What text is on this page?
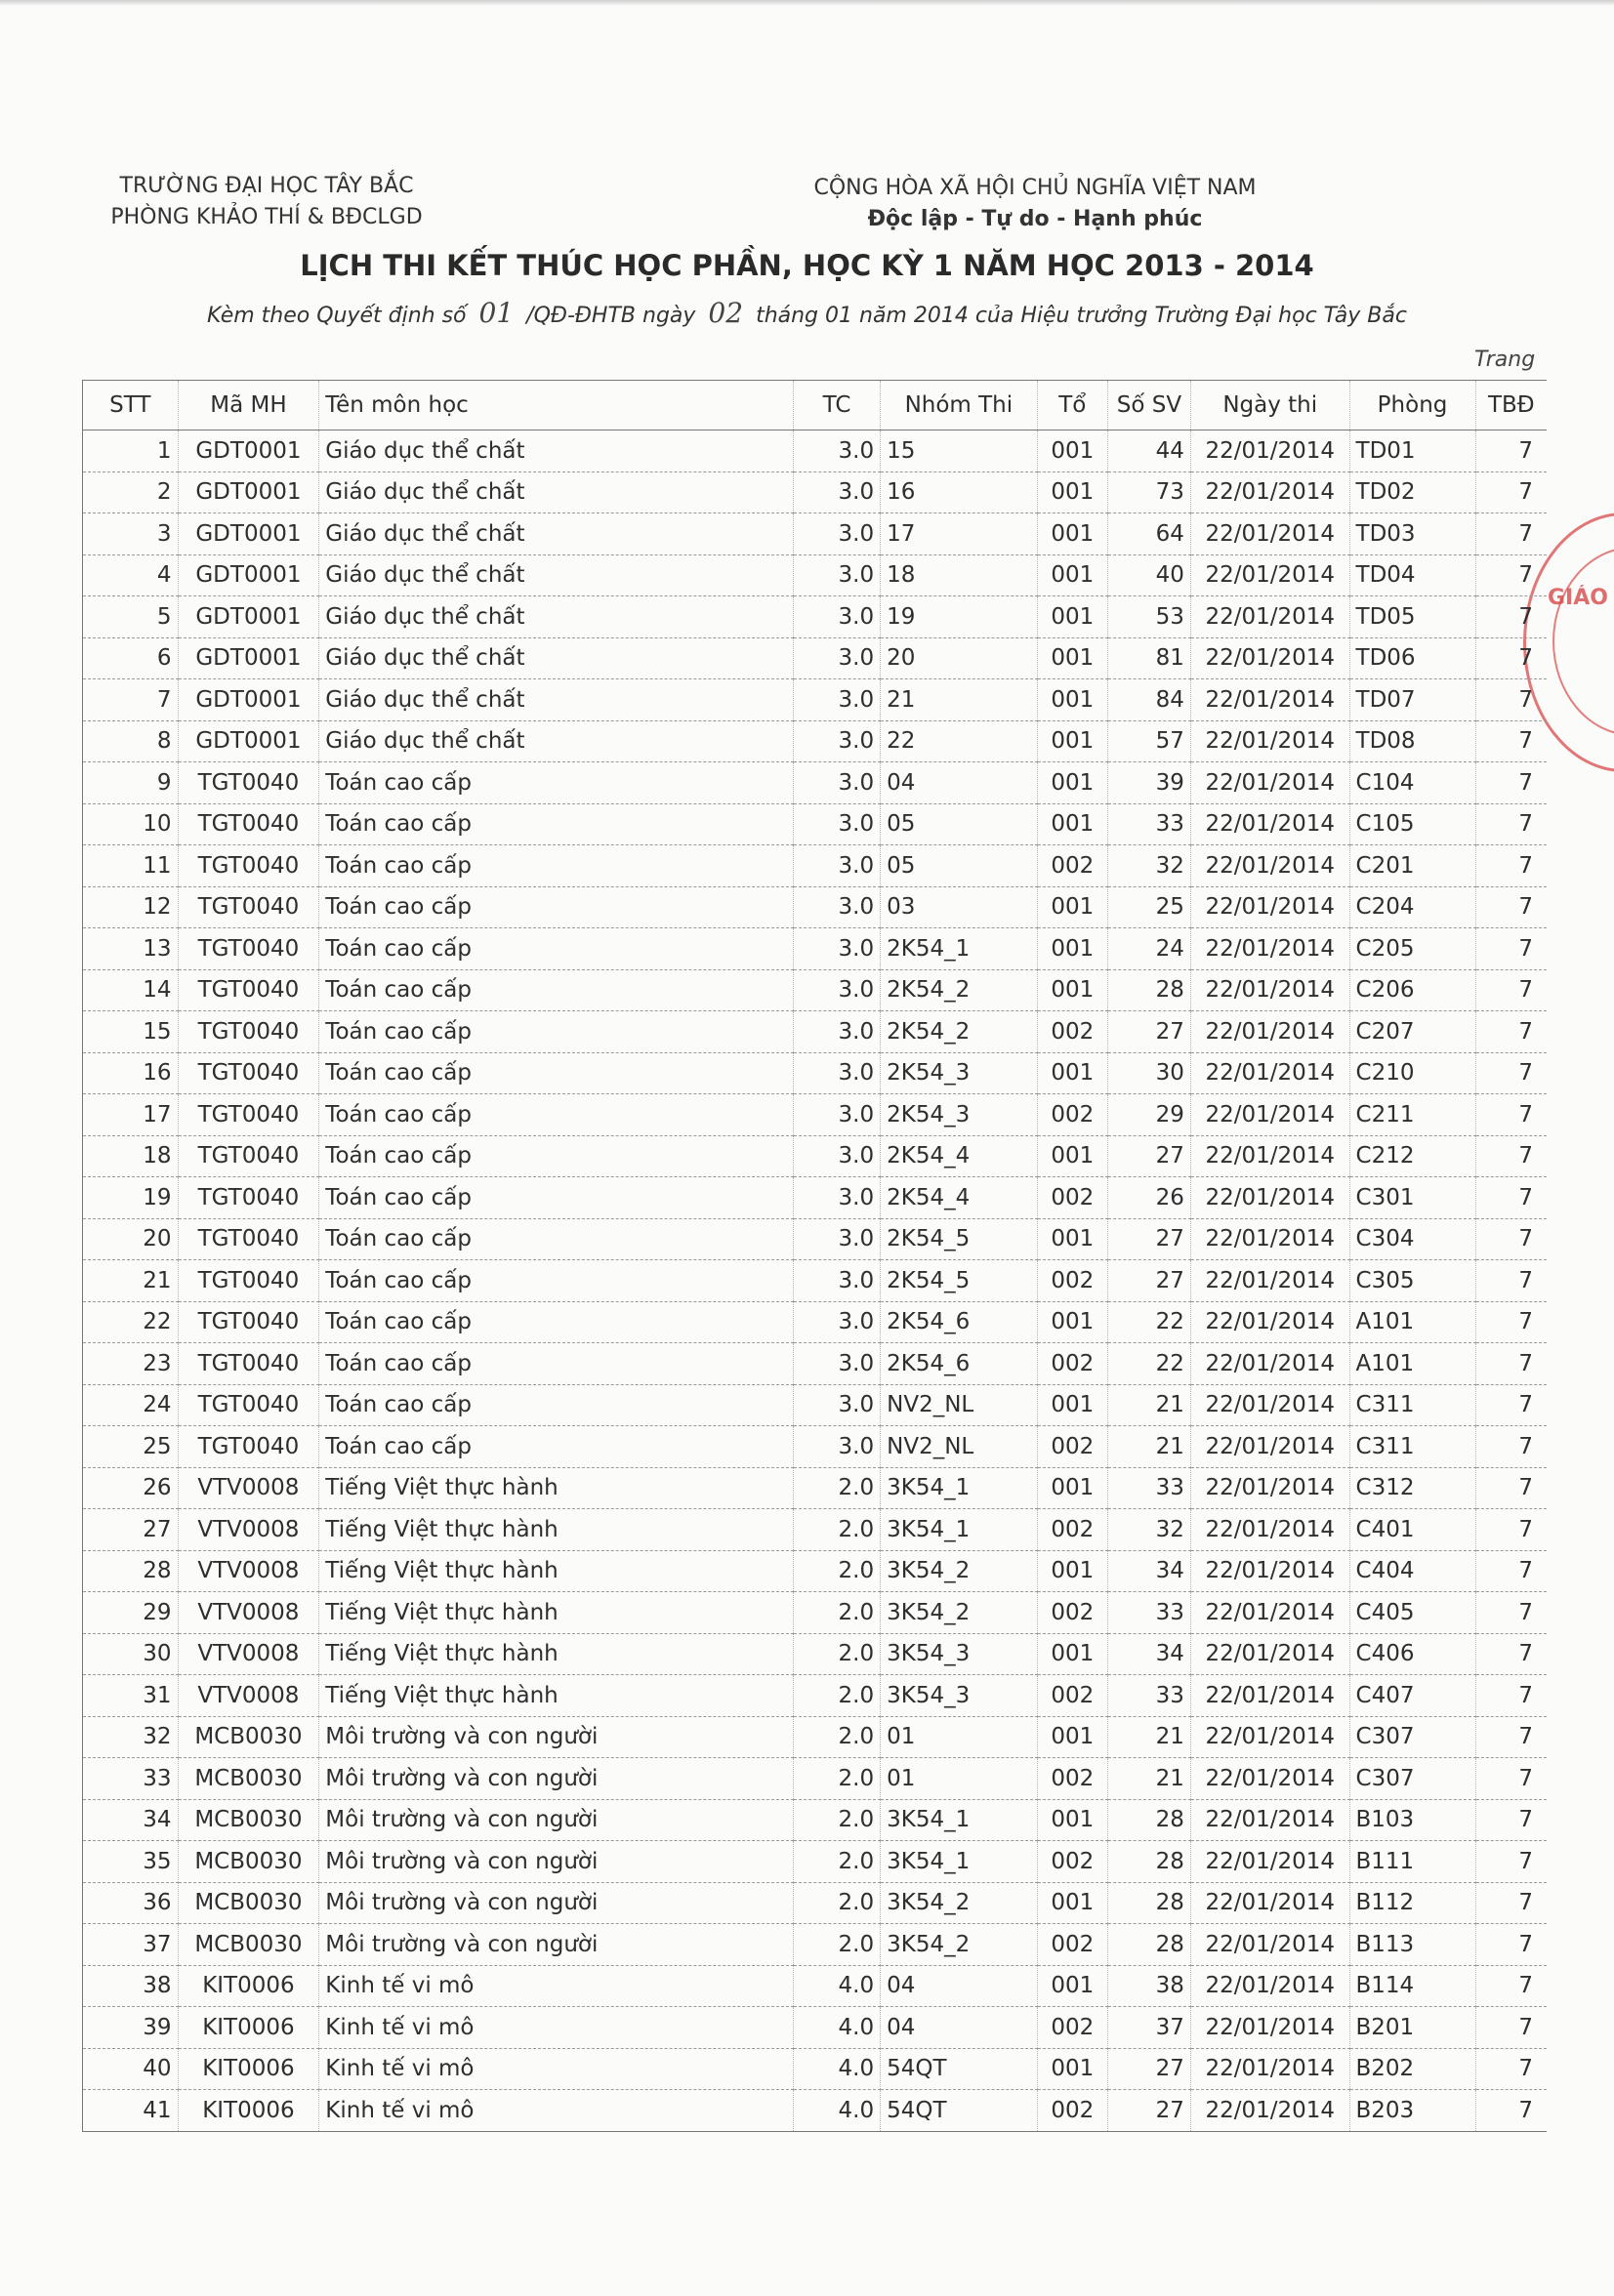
TRƯỜNG ĐẠI HỌC TÂY BẮC
PHÒNG KHẢO THÍ & BĐCLGD
CỘNG HÒA XÃ HỘI CHỦ NGHĨA VIỆT NAM
Độc lập - Tự do - Hạnh phúc
LỊCH THI KẾT THÚC HỌC PHẦN, HỌC KỲ 1 NĂM HỌC 2013 - 2014
Kèm theo Quyết định số 01 /QĐ-ĐHTB ngày 02 tháng 01 năm 2014 của Hiệu trưởng Trường Đại học Tây Bắc
Trang
GIÁO
STT	Mã MH	Tên môn học	TC	Nhóm Thi	Tổ	Số SV	Ngày thi	Phòng	TBĐ
1	GDT0001	Giáo dục thể chất	3.0	15	001	44	22/01/2014	TD01	7
2	GDT0001	Giáo dục thể chất	3.0	16	001	73	22/01/2014	TD02	7
3	GDT0001	Giáo dục thể chất	3.0	17	001	64	22/01/2014	TD03	7
4	GDT0001	Giáo dục thể chất	3.0	18	001	40	22/01/2014	TD04	7
5	GDT0001	Giáo dục thể chất	3.0	19	001	53	22/01/2014	TD05	7
6	GDT0001	Giáo dục thể chất	3.0	20	001	81	22/01/2014	TD06	7
7	GDT0001	Giáo dục thể chất	3.0	21	001	84	22/01/2014	TD07	7
8	GDT0001	Giáo dục thể chất	3.0	22	001	57	22/01/2014	TD08	7
9	TGT0040	Toán cao cấp	3.0	04	001	39	22/01/2014	C104	7
10	TGT0040	Toán cao cấp	3.0	05	001	33	22/01/2014	C105	7
11	TGT0040	Toán cao cấp	3.0	05	002	32	22/01/2014	C201	7
12	TGT0040	Toán cao cấp	3.0	03	001	25	22/01/2014	C204	7
13	TGT0040	Toán cao cấp	3.0	2K54_1	001	24	22/01/2014	C205	7
14	TGT0040	Toán cao cấp	3.0	2K54_2	001	28	22/01/2014	C206	7
15	TGT0040	Toán cao cấp	3.0	2K54_2	002	27	22/01/2014	C207	7
16	TGT0040	Toán cao cấp	3.0	2K54_3	001	30	22/01/2014	C210	7
17	TGT0040	Toán cao cấp	3.0	2K54_3	002	29	22/01/2014	C211	7
18	TGT0040	Toán cao cấp	3.0	2K54_4	001	27	22/01/2014	C212	7
19	TGT0040	Toán cao cấp	3.0	2K54_4	002	26	22/01/2014	C301	7
20	TGT0040	Toán cao cấp	3.0	2K54_5	001	27	22/01/2014	C304	7
21	TGT0040	Toán cao cấp	3.0	2K54_5	002	27	22/01/2014	C305	7
22	TGT0040	Toán cao cấp	3.0	2K54_6	001	22	22/01/2014	A101	7
23	TGT0040	Toán cao cấp	3.0	2K54_6	002	22	22/01/2014	A101	7
24	TGT0040	Toán cao cấp	3.0	NV2_NL	001	21	22/01/2014	C311	7
25	TGT0040	Toán cao cấp	3.0	NV2_NL	002	21	22/01/2014	C311	7
26	VTV0008	Tiếng Việt thực hành	2.0	3K54_1	001	33	22/01/2014	C312	7
27	VTV0008	Tiếng Việt thực hành	2.0	3K54_1	002	32	22/01/2014	C401	7
28	VTV0008	Tiếng Việt thực hành	2.0	3K54_2	001	34	22/01/2014	C404	7
29	VTV0008	Tiếng Việt thực hành	2.0	3K54_2	002	33	22/01/2014	C405	7
30	VTV0008	Tiếng Việt thực hành	2.0	3K54_3	001	34	22/01/2014	C406	7
31	VTV0008	Tiếng Việt thực hành	2.0	3K54_3	002	33	22/01/2014	C407	7
32	MCB0030	Môi trường và con người	2.0	01	001	21	22/01/2014	C307	7
33	MCB0030	Môi trường và con người	2.0	01	002	21	22/01/2014	C307	7
34	MCB0030	Môi trường và con người	2.0	3K54_1	001	28	22/01/2014	B103	7
35	MCB0030	Môi trường và con người	2.0	3K54_1	002	28	22/01/2014	B111	7
36	MCB0030	Môi trường và con người	2.0	3K54_2	001	28	22/01/2014	B112	7
37	MCB0030	Môi trường và con người	2.0	3K54_2	002	28	22/01/2014	B113	7
38	KIT0006	Kinh tế vi mô	4.0	04	001	38	22/01/2014	B114	7
39	KIT0006	Kinh tế vi mô	4.0	04	002	37	22/01/2014	B201	7
40	KIT0006	Kinh tế vi mô	4.0	54QT	001	27	22/01/2014	B202	7
41	KIT0006	Kinh tế vi mô	4.0	54QT	002	27	22/01/2014	B203	7
